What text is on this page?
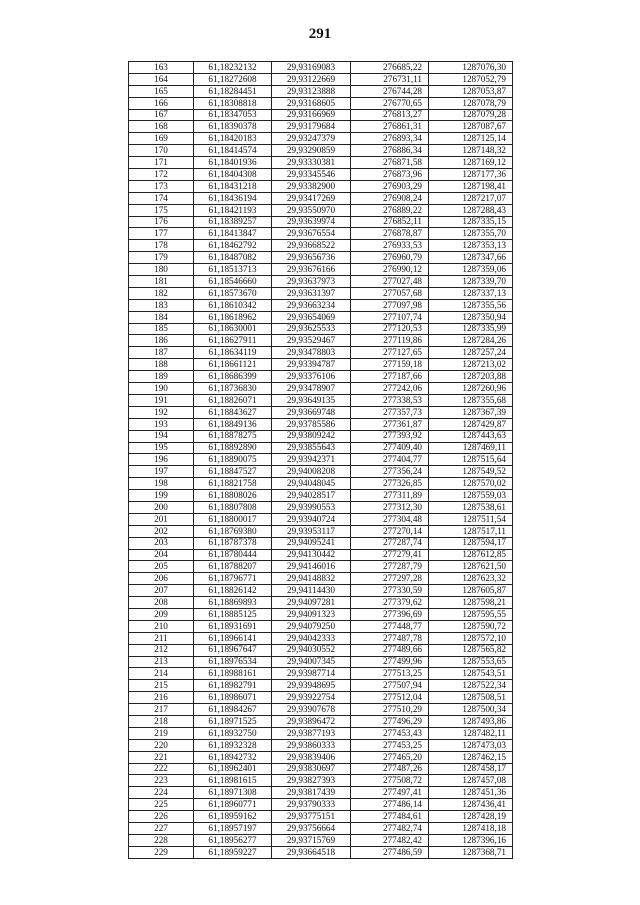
291
163	61,18232132	29,93169083	276685,22	1287076,30
164	61,18272608	29,93122669	276731,11	1287052,79
165	61,18284451	29,93123888	276744,28	1287053,87
166	61,18308818	29,93168605	276770,65	1287078,79
167	61,18347053	29,93166969	276813,27	1287079,28
168	61,18390378	29,93179684	276861,31	1287087,67
169	61,18420183	29,93247379	276893,34	1287125,14
170	61,18414574	29,93290859	276886,34	1287148,32
171	61,18401936	29,93330381	276871,58	1287169,12
172	61,18404308	29,93345546	276873,96	1287177,36
173	61,18431218	29,93382900	276903,29	1287198,41
174	61,18436194	29,93417269	276908,24	1287217,07
175	61,18421193	29,93550970	276889,22	1287288,43
176	61,18389257	29,93639974	276852,11	1287335,15
177	61,18413847	29,93676554	276878,87	1287355,70
178	61,18462792	29,93668522	276933,53	1287353,13
179	61,18487082	29,93656736	276960,79	1287347,66
180	61,18513713	29,93676166	276990,12	1287359,06
181	61,18546660	29,93637973	277027,48	1287339,70
182	61,18573670	29,93631397	277057,68	1287337,13
183	61,18610342	29,93663234	277097,98	1287355,56
184	61,18618962	29,93654069	277107,74	1287350,94
185	61,18630001	29,93625533	277120,53	1287335,99
186	61,18627911	29,93529467	277119,86	1287284,26
187	61,18634119	29,93478803	277127,65	1287257,24
188	61,18661121	29,93394787	277159,18	1287213,02
189	61,18686399	29,93376106	277187,66	1287203,88
190	61,18736830	29,93478907	277242,06	1287260,96
191	61,18826071	29,93649135	277338,53	1287355,68
192	61,18843627	29,93669748	277357,73	1287367,39
193	61,18849136	29,93785586	277361,87	1287429,87
194	61,18878275	29,93809242	277393,92	1287443,63
195	61,18892890	29,93855643	277409,40	1287469,11
196	61,18890075	29,93942371	277404,77	1287515,64
197	61,18847527	29,94008208	277356,24	1287549,52
198	61,18821758	29,94048045	277326,85	1287570,02
199	61,18808026	29,94028517	277311,89	1287559,03
200	61,18807808	29,93990553	277312,30	1287538,61
201	61,18800017	29,93940724	277304,48	1287511,54
202	61,18769380	29,93953117	277270,14	1287517,11
203	61,18787378	29,94095241	277287,74	1287594,17
204	61,18780444	29,94130442	277279,41	1287612,85
205	61,18788207	29,94146016	277287,79	1287621,50
206	61,18796771	29,94148832	277297,28	1287623,32
207	61,18826142	29,94114430	277330,59	1287605,87
208	61,18869893	29,94097281	277379,62	1287598,21
209	61,18885125	29,94091323	277396,69	1287595,55
210	61,18931691	29,94079250	277448,77	1287590,72
211	61,18966141	29,94042333	277487,78	1287572,10
212	61,18967647	29,94030552	277489,66	1287565,82
213	61,18976534	29,94007345	277499,96	1287553,65
214	61,18988161	29,93987714	277513,25	1287543,51
215	61,18982791	29,93948695	277507,94	1287522,34
216	61,18986071	29,93922754	277512,04	1287508,51
217	61,18984267	29,93907678	277510,29	1287500,34
218	61,18971525	29,93896472	277496,29	1287493,86
219	61,18932750	29,93877193	277453,43	1287482,11
220	61,18932328	29,93860333	277453,25	1287473,03
221	61,18942732	29,93839406	277465,20	1287462,15
222	61,18962401	29,93830697	277487,26	1287458,17
223	61,18981615	29,93827393	277508,72	1287457,08
224	61,18971308	29,93817439	277497,41	1287451,36
225	61,18960771	29,93790333	277486,14	1287436,41
226	61,18959162	29,93775151	277484,61	1287428,19
227	61,18957197	29,93756664	277482,74	1287418,18
228	61,18956277	29,93715769	277482,42	1287396,16
229	61,18959227	29,93664518	277486,59	1287368,71
